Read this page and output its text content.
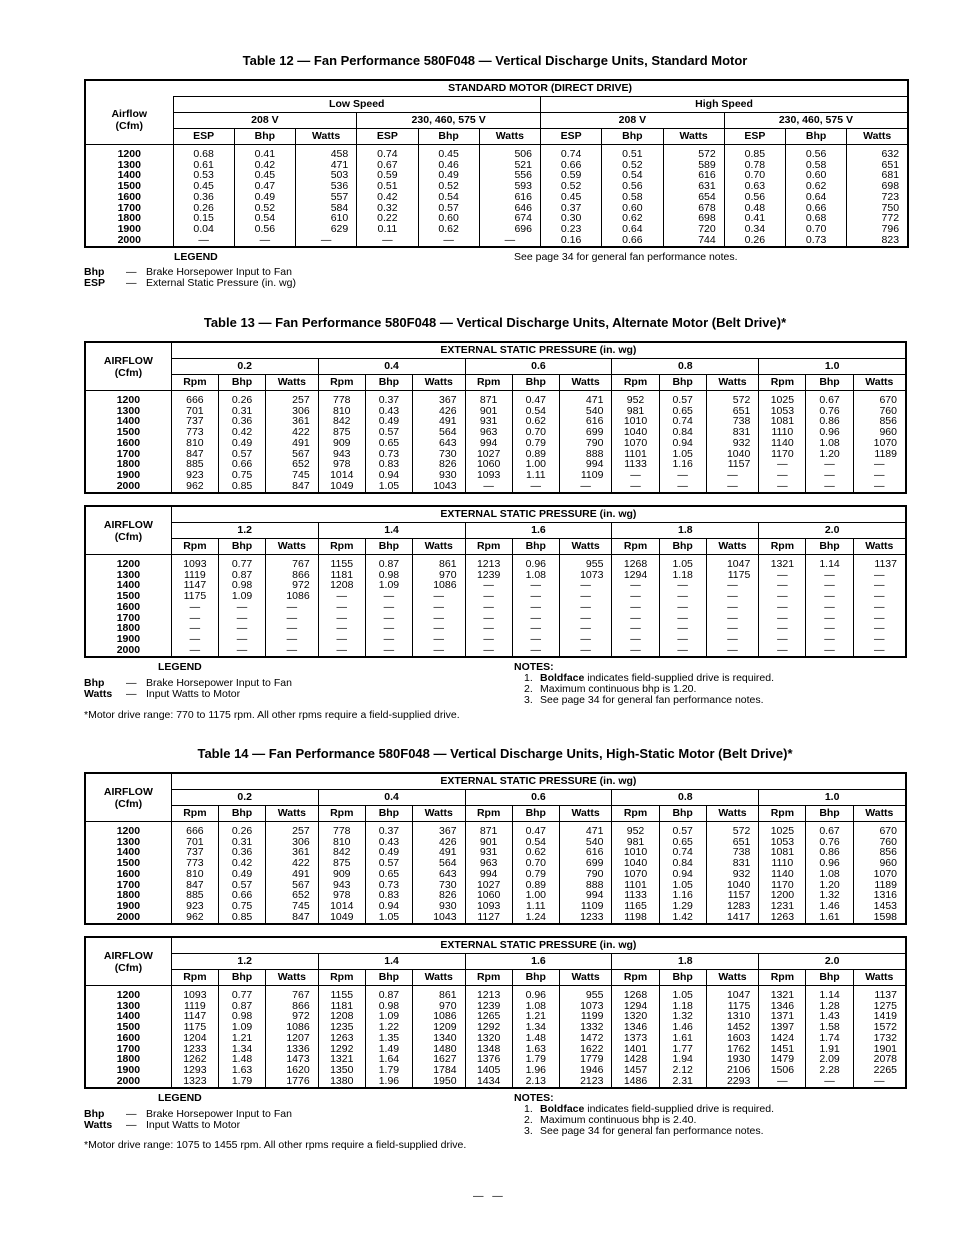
Table 12 — Fan Performance 580F048 — Vertical Discharge Units, Standard Motor
	STANDARD MOTOR (DIRECT DRIVE)											
Airflow
(Cfm)	Low Speed						High Speed					
	208 V			230, 460, 575 V			208 V			230, 460, 575 V		
	ESP	Bhp	Watts	ESP	Bhp	Watts	ESP	Bhp	Watts	ESP	Bhp	Watts
1200	0.68	0.41	458	0.74	0.45	506	0.74	0.51	572	0.85	0.56	632
1300	0.61	0.42	471	0.67	0.46	521	0.66	0.52	589	0.78	0.58	651
1400	0.53	0.45	503	0.59	0.49	556	0.59	0.54	616	0.70	0.60	681
1500	0.45	0.47	536	0.51	0.52	593	0.52	0.56	631	0.63	0.62	698
1600	0.36	0.49	557	0.42	0.54	616	0.45	0.58	654	0.56	0.64	723
1700	0.26	0.52	584	0.32	0.57	646	0.37	0.60	678	0.48	0.66	750
1800	0.15	0.54	610	0.22	0.60	674	0.30	0.62	698	0.41	0.68	772
1900	0.04	0.56	629	0.11	0.62	696	0.23	0.64	720	0.34	0.70	796
2000	—	—	—	—	—	—	0.16	0.66	744	0.26	0.73	823
LEGEND
Bhp — Brake Horsepower Input to Fan
ESP — External Static Pressure (in. wg)
See page 34 for general fan performance notes.
Table 13 — Fan Performance 580F048 — Vertical Discharge Units, Alternate Motor (Belt Drive)*
AIRFLOW
(Cfm)	EXTERNAL STATIC PRESSURE (in. wg)														
	0.2			0.4			0.6			0.8			1.0		
	Rpm	Bhp	Watts	Rpm	Bhp	Watts	Rpm	Bhp	Watts	Rpm	Bhp	Watts	Rpm	Bhp	Watts
1200	666	0.26	257	778	0.37	367	871	0.47	471	952	0.57	572	1025	0.67	670
1300	701	0.31	306	810	0.43	426	901	0.54	540	981	0.65	651	1053	0.76	760
1400	737	0.36	361	842	0.49	491	931	0.62	616	1010	0.74	738	1081	0.86	856
1500	773	0.42	422	875	0.57	564	963	0.70	699	1040	0.84	831	1110	0.96	960
1600	810	0.49	491	909	0.65	643	994	0.79	790	1070	0.94	932	1140	1.08	1070
1700	847	0.57	567	943	0.73	730	1027	0.89	888	1101	1.05	1040	1170	1.20	1189
1800	885	0.66	652	978	0.83	826	1060	1.00	994	1133	1.16	1157	—	—	—
1900	923	0.75	745	1014	0.94	930	1093	1.11	1109	—	—	—	—	—	—
2000	962	0.85	847	1049	1.05	1043	—	—	—	—	—	—	—	—	—
AIRFLOW
(Cfm)	EXTERNAL STATIC PRESSURE (in. wg)														
	1.2			1.4			1.6			1.8			2.0		
	Rpm	Bhp	Watts	Rpm	Bhp	Watts	Rpm	Bhp	Watts	Rpm	Bhp	Watts	Rpm	Bhp	Watts
1200	1093	0.77	767	1155	0.87	861	1213	0.96	955	1268	1.05	1047	1321	1.14	1137
1300	1119	0.87	866	1181	0.98	970	1239	1.08	1073	1294	1.18	1175	—	—	—
1400	1147	0.98	972	1208	1.09	1086	—	—	—	—	—	—	—	—	—
1500	1175	1.09	1086	—	—	—	—	—	—	—	—	—	—	—	—
1600	—	—	—	—	—	—	—	—	—	—	—	—	—	—	—
1700	—	—	—	—	—	—	—	—	—	—	—	—	—	—	—
1800	—	—	—	—	—	—	—	—	—	—	—	—	—	—	—
1900	—	—	—	—	—	—	—	—	—	—	—	—	—	—	—
2000	—	—	—	—	—	—	—	—	—	—	—	—	—	—	—
LEGEND
Bhp — Brake Horsepower Input to Fan
Watts — Input Watts to Motor
NOTES:
1. Boldface indicates field-supplied drive is required.
2. Maximum continuous bhp is 1.20.
3. See page 34 for general fan performance notes.
*Motor drive range: 770 to 1175 rpm. All other rpms require a field-supplied drive.
Table 14 — Fan Performance 580F048 — Vertical Discharge Units, High-Static Motor (Belt Drive)*
AIRFLOW
(Cfm)	EXTERNAL STATIC PRESSURE (in. wg)														
	0.2			0.4			0.6			0.8			1.0		
	Rpm	Bhp	Watts	Rpm	Bhp	Watts	Rpm	Bhp	Watts	Rpm	Bhp	Watts	Rpm	Bhp	Watts
1200	666	0.26	257	778	0.37	367	871	0.47	471	952	0.57	572	1025	0.67	670
1300	701	0.31	306	810	0.43	426	901	0.54	540	981	0.65	651	1053	0.76	760
1400	737	0.36	361	842	0.49	491	931	0.62	616	1010	0.74	738	1081	0.86	856
1500	773	0.42	422	875	0.57	564	963	0.70	699	1040	0.84	831	1110	0.96	960
1600	810	0.49	491	909	0.65	643	994	0.79	790	1070	0.94	932	1140	1.08	1070
1700	847	0.57	567	943	0.73	730	1027	0.89	888	1101	1.05	1040	1170	1.20	1189
1800	885	0.66	652	978	0.83	826	1060	1.00	994	1133	1.16	1157	1200	1.32	1316
1900	923	0.75	745	1014	0.94	930	1093	1.11	1109	1165	1.29	1283	1231	1.46	1453
2000	962	0.85	847	1049	1.05	1043	1127	1.24	1233	1198	1.42	1417	1263	1.61	1598
AIRFLOW
(Cfm)	EXTERNAL STATIC PRESSURE (in. wg)														
	1.2			1.4			1.6			1.8			2.0		
	Rpm	Bhp	Watts	Rpm	Bhp	Watts	Rpm	Bhp	Watts	Rpm	Bhp	Watts	Rpm	Bhp	Watts
1200	1093	0.77	767	1155	0.87	861	1213	0.96	955	1268	1.05	1047	1321	1.14	1137
1300	1119	0.87	866	1181	0.98	970	1239	1.08	1073	1294	1.18	1175	1346	1.28	1275
1400	1147	0.98	972	1208	1.09	1086	1265	1.21	1199	1320	1.32	1310	1371	1.43	1419
1500	1175	1.09	1086	1235	1.22	1209	1292	1.34	1332	1346	1.46	1452	1397	1.58	1572
1600	1204	1.21	1207	1263	1.35	1340	1320	1.48	1472	1373	1.61	1603	1424	1.74	1732
1700	1233	1.34	1336	1292	1.49	1480	1348	1.63	1622	1401	1.77	1762	1451	1.91	1901
1800	1262	1.48	1473	1321	1.64	1627	1376	1.79	1779	1428	1.94	1930	1479	2.09	2078
1900	1293	1.63	1620	1350	1.79	1784	1405	1.96	1946	1457	2.12	2106	1506	2.28	2265
2000	1323	1.79	1776	1380	1.96	1950	1434	2.13	2123	1486	2.31	2293	—	—	—
LEGEND
Bhp — Brake Horsepower Input to Fan
Watts — Input Watts to Motor
NOTES:
1. Boldface indicates field-supplied drive is required.
2. Maximum continuous bhp is 2.40.
3. See page 34 for general fan performance notes.
*Motor drive range: 1075 to 1455 rpm. All other rpms require a field-supplied drive.
—   —
